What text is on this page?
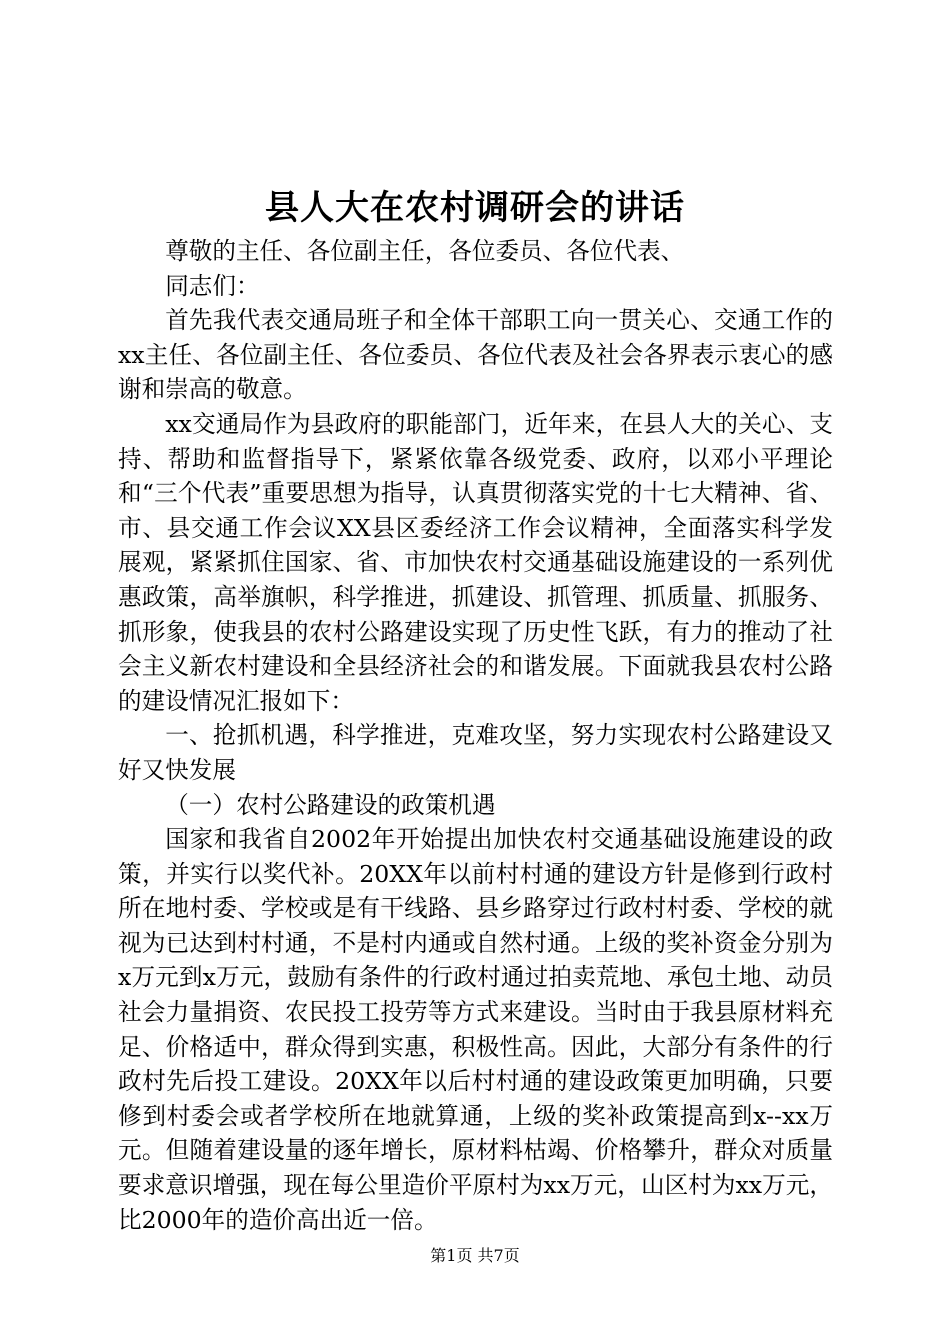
县人大在农村调研会的讲话

尊敬的主任、各位副主任，各位委员、各位代表、

同志们：

首先我代表交通局班子和全体干部职工向一贯关心、交通工作的xx主任、各位副主任、各位委员、各位代表及社会各界表示衷心的感谢和崇高的敬意。

xx交通局作为县政府的职能部门，近年来，在县人大的关心、支持、帮助和监督指导下，紧紧依靠各级党委、政府，以邓小平理论和“三个代表”重要思想为指导，认真贯彻落实党的十七大精神、省、市、县交通工作会议XX县区委经济工作会议精神，全面落实科学发展观，紧紧抓住国家、省、市加快农村交通基础设施建设的一系列优惠政策，高举旗帜，科学推进，抓建设、抓管理、抓质量、抓服务、抓形象，使我县的农村公路建设实现了历史性飞跃，有力的推动了社会主义新农村建设和全县经济社会的和谐发展。下面就我县农村公路的建设情况汇报如下：

一、抢抓机遇，科学推进，克难攻坚，努力实现农村公路建设又好又快发展

（一）农村公路建设的政策机遇

国家和我省自2002年开始提出加快农村交通基础设施建设的政策，并实行以奖代补。20XX年以前村村通的建设方针是修到行政村所在地村委、学校或是有干线路、县乡路穿过行政村村委、学校的就视为已达到村村通，不是村内通或自然村通。上级的奖补资金分别为x万元到x万元，鼓励有条件的行政村通过拍卖荒地、承包土地、动员社会力量捐资、农民投工投劳等方式来建设。当时由于我县原材料充足、价格适中，群众得到实惠，积极性高。因此，大部分有条件的行政村先后投工建设。20XX年以后村村通的建设政策更加明确，只要修到村委会或者学校所在地就算通，上级的奖补政策提高到x--xx万元。但随着建设量的逐年增长，原材料枯竭、价格攀升，群众对质量要求意识增强，现在每公里造价平原村为xx万元，山区村为xx万元，比2000年的造价高出近一倍。

第1页 共7页
